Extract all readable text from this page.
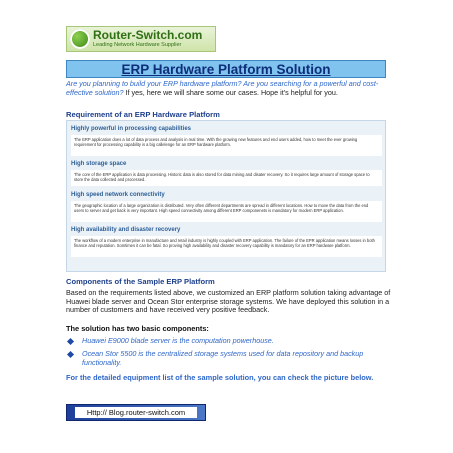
Router-Switch.com
Leading Network Hardware Supplier
ERP Hardware Platform Solution
Are you planning to build your ERP hardware platform? Are you searching for a powerful and cost-effective solution? If yes, here we will share some our cases. Hope it's helpful for you.
Requirement of an ERP Hardware Platform
Highly powerful in processing capabilities
The ERP application does a lot of data process and analysis in real time. With the growing new features and end users added, how to meet the ever growing requirement for processing capability is a big callelenge for an ERP hardware platform.
High storage space
The core of the ERP application is data processing. Historic data is also stored for data mining and disater recovery. So it requires large amount of storage space to store the data collected and processed.
High speed network connectivity
The geographic location of a large organization is distributed. Very often different departments are spread in different locations. How to move the data from the end users to server and get back is very important. High speed connectivity among different ERP componenets is mandatory for modern ERP application.
High availability and disaster recovery
The workflow of a modern enterprise in manufacture and retail industry is highly coupled with ERP application. The failure of the EPR application means losses in both finance and reputation. Somtimes it can be fatal. So proving high availability and disaster recovery capability is mandatory for an ERP hardware platform.
Components of the Sample ERP Platform
Based on the requirements listed above, we customized an ERP platform solution taking advantage of Huawei blade server and Ocean Stor enterprise storage systems. We have deployed this solution in a number of customers and have received very positive feedback.
The solution has two basic components:
Huawei E9000 blade server is the computation powerhouse.
Ocean Stor 5500 is the centralized storage systems used for data repository and backup functionality.
For the detailed equipment list of the sample solution, you can check the picture below.
Http:// Blog.router-switch.com
